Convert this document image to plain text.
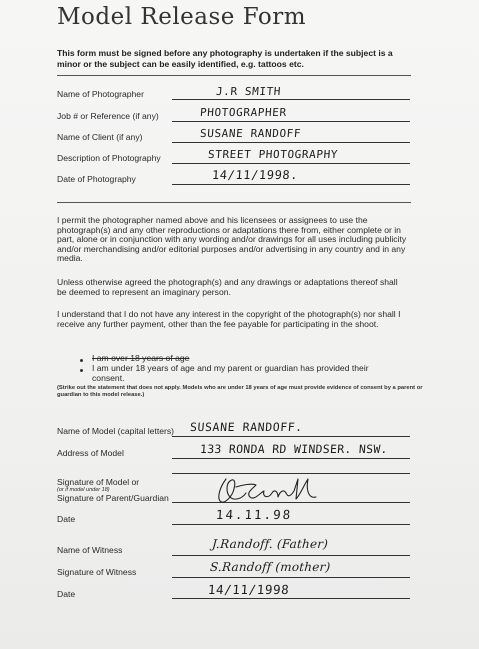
Model Release Form
This form must be signed before any photography is undertaken if the subject is a minor or the subject can be easily identified, e.g. tattoos etc.
Name of Photographer	J.R SMITH
Job # or Reference (if any)	PHOTOGRAPHER
Name of Client (if any)	SUSANE RANDOFF
Description of Photography	STREET PHOTOGRAPHY
Date of Photography	14/11/1998.
I permit the photographer named above and his licensees or assignees to use the photograph(s) and any other reproductions or adaptations there from, either complete or in part, alone or in conjunction with any wording and/or drawings for all uses including publicity and/or merchandising and/or editorial purposes and/or advertising in any country and in any media.
Unless otherwise agreed the photograph(s) and any drawings or adaptations thereof shall be deemed to represent an imaginary person.
I understand that I do not have any interest in the copyright of the photograph(s) nor shall I receive any further payment, other than the fee payable for participating in the shoot.
I am over 18 years of age
I am under 18 years of age and my parent or guardian has provided their consent.
(Strike out the statement that does not apply. Models who are under 18 years of age must provide evidence of consent by a parent or guardian to this model release.)
Name of Model (capital letters) SUSANE RANDOFF.
Address of Model	133 RONDA RD WINDSER. NSW.
Signature of Model or
(or if model under 18)
Signature of Parent/Guardian
Date	14.11.98
Name of Witness	J.Randoff. (Father)
Signature of Witness	S.Randoff (mother)
Date	14/11/1998
